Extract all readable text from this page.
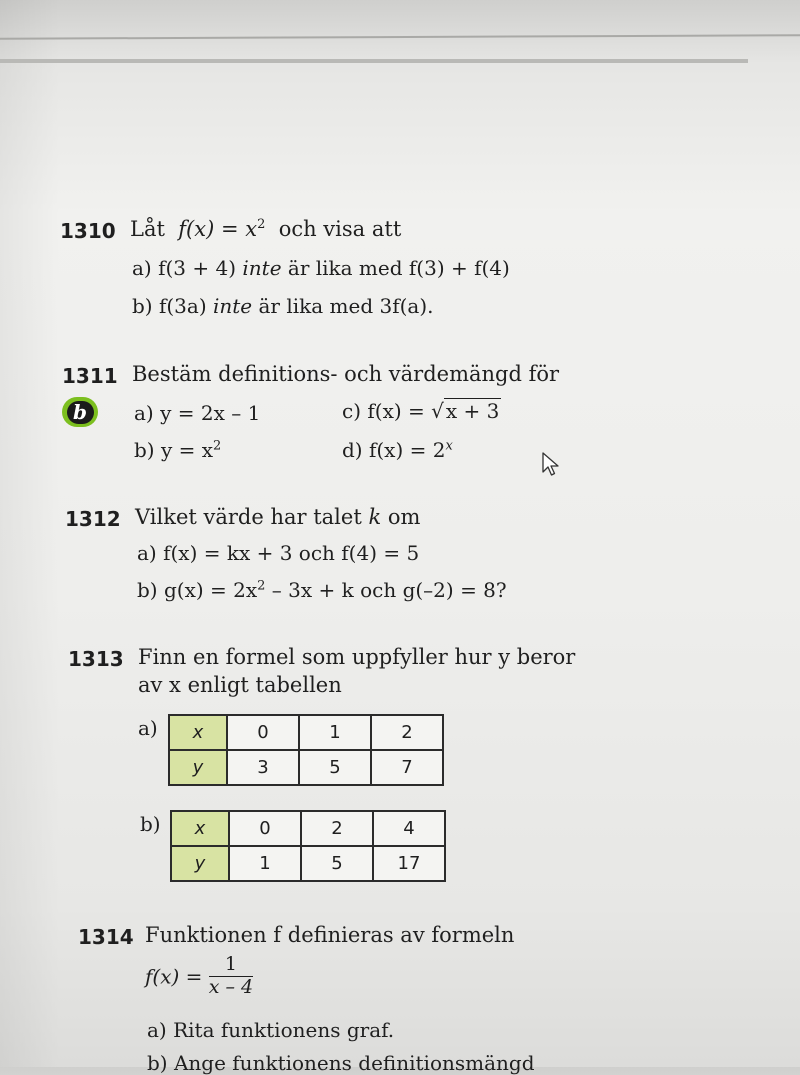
1310 Låt $f(x) = x^2$ och visa att
a) f(3 + 4) inte är lika med f(3) + f(4)
b) f(3a) inte är lika med 3f(a).
1311 Bestäm definitions- och värdemängd för
b	a) y = 2x – 1
b) $y = x^2$
c) f(x) = √ x + 3
d) $f(x) = 2^x$
1312 Vilket värde har talet k om
a) f(x) = kx + 3 och f(4) = 5
b) $g(x) = 2x^2 - 3x + k$ och g(–2) = 8?
1313 Finn en formel som uppfyller hur y beror
av x enligt tabellen
a) x	0	1	2
y	3	5	7
b) x	0	2	4
y	1	5	17
1314 Funktionen f definieras av formeln
$f(x) = \frac{1}{x - 4}$
a) Rita funktionens graf.
b) Ange funktionens definitionsmängd
